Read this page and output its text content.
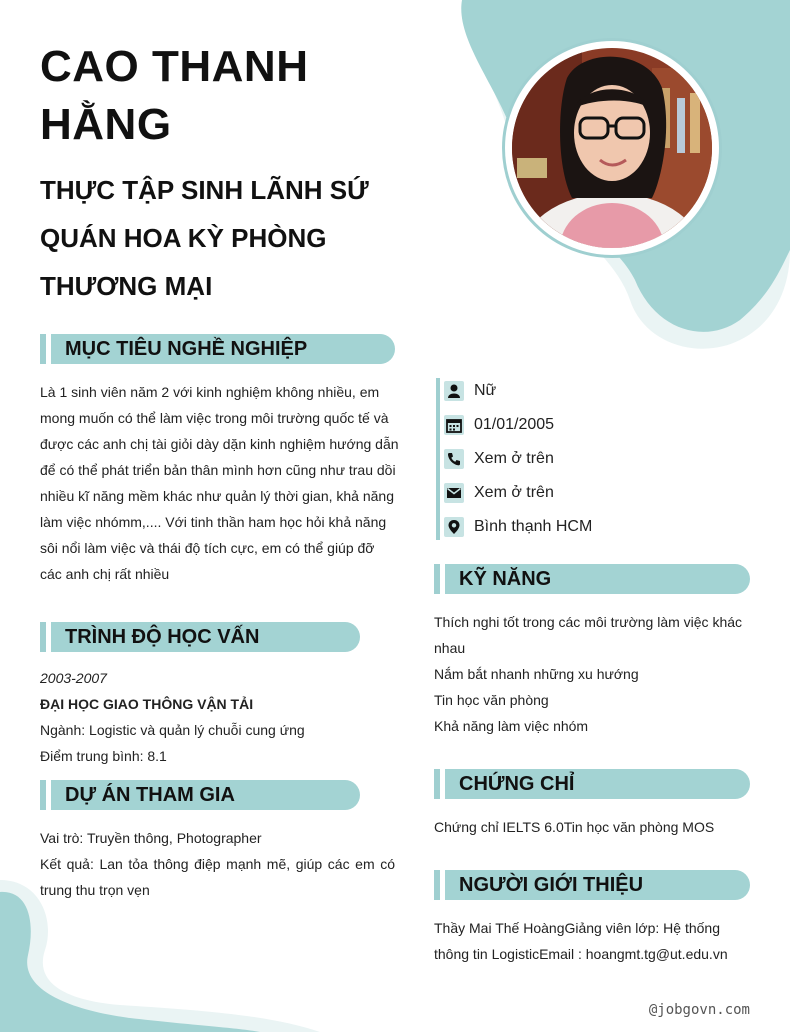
CAO THANH
HẰNG
THỰC TẬP SINH LÃNH SỨ
QUÁN HOA KỲ PHÒNG
THƯƠNG MẠI
MỤC TIÊU NGHỀ NGHIỆP
Là 1 sinh viên năm 2 với kinh nghiệm không nhiều, em
mong muốn có thể làm việc trong môi trường quốc tế và
được các anh chị tài giỏi dày dặn kinh nghiệm hướng dẫn
để có thể phát triển bản thân mình hơn cũng như trau dồi
nhiều kĩ năng mềm khác như quản lý thời gian, khả năng
làm việc nhómm,.... Với tinh thần ham học hỏi khả năng
sôi nổi làm việc và thái độ tích cực, em có thể giúp đỡ
các anh chị rất nhiều
TRÌNH ĐỘ HỌC VẤN
2003-2007
ĐẠI HỌC GIAO THÔNG VẬN TẢI
Ngành: Logistic và quản lý chuỗi cung ứng
Điểm trung bình: 8.1
DỰ ÁN THAM GIA
Vai trò: Truyền thông, Photographer
Kết quả: Lan tỏa thông điệp mạnh mẽ, giúp các em có
trung thu trọn vẹn
Nữ
01/01/2005
Xem ở trên
Xem ở trên
Bình thạnh HCM
KỸ NĂNG
Thích nghi tốt trong các môi trường làm việc khác
nhau
Nắm bắt nhanh những xu hướng
Tin học văn phòng
Khả năng làm việc nhóm
CHỨNG CHỈ
Chứng chỉ IELTS 6.0Tin học văn phòng MOS
NGƯỜI GIỚI THIỆU
Thầy Mai Thế HoàngGiảng viên lớp: Hệ thống
thông tin LogisticEmail : hoangmt.tg@ut.edu.vn
@jobgovn.com
